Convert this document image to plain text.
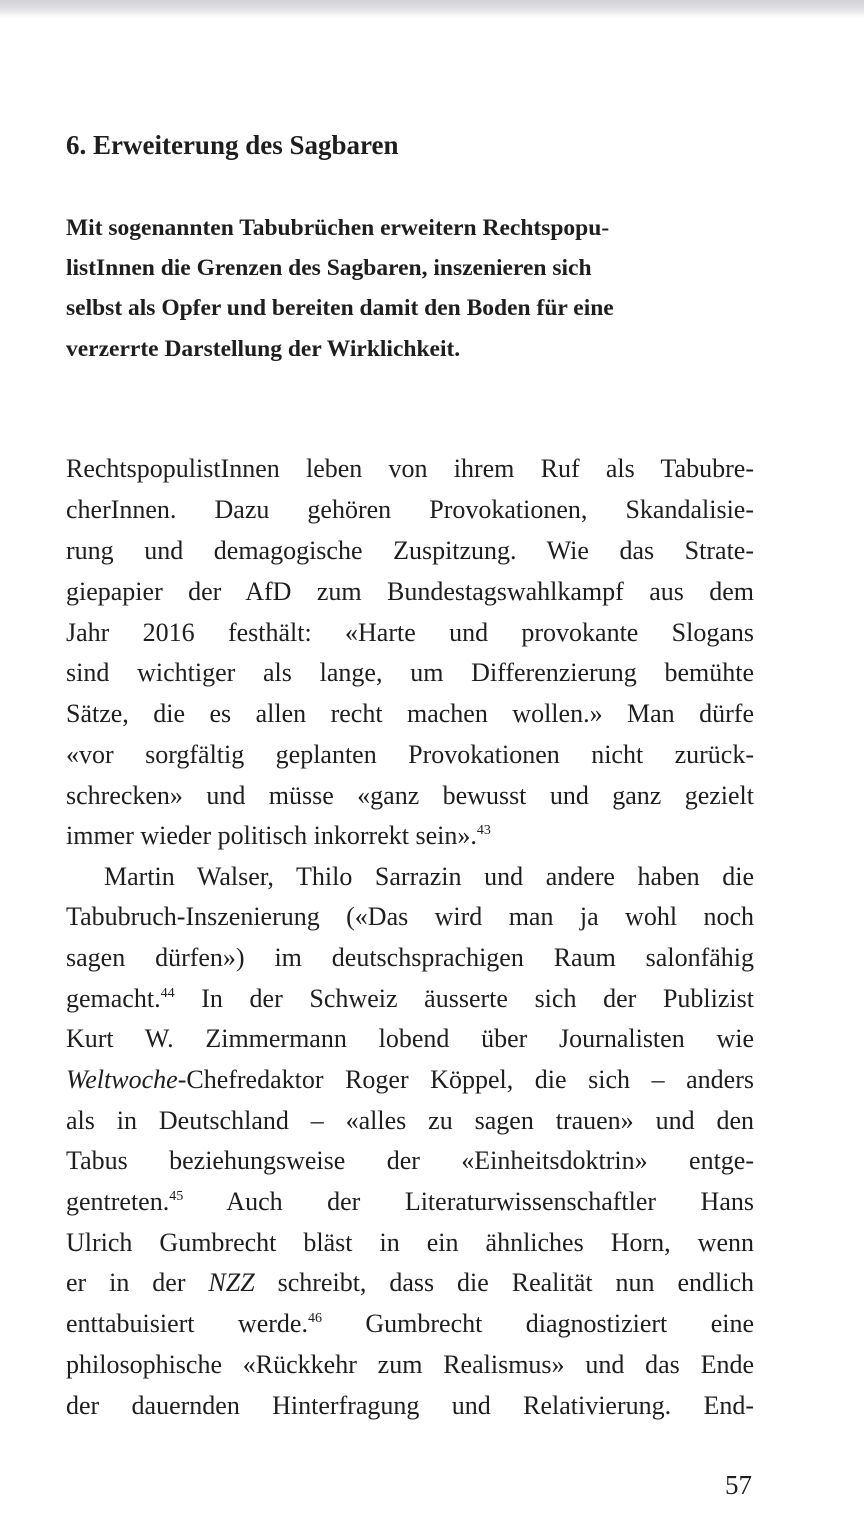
6. Erweiterung des Sagbaren

Mit sogenannten Tabubrüchen erweitern Rechtspopu-

listInnen die Grenzen des Sagbaren, inszenieren sich

selbst als Opfer und bereiten damit den Boden für eine

verzerrte Darstellung der Wirklichkeit.

RechtspopulistInnen leben von ihrem Ruf als Tabubre-

cherInnen. Dazu gehören Provokationen, Skandalisie-

rung und demagogische Zuspitzung. Wie das Strate-

giepapier der AfD zum Bundestagswahlkampf aus dem

Jahr 2016 festhält: «Harte und provokante Slogans

sind wichtiger als lange, um Differenzierung bemühte

Sätze, die es allen recht machen wollen.» Man dürfe

«vor sorgfältig geplanten Provokationen nicht zurück-

schrecken» und müsse «ganz bewusst und ganz gezielt

immer wieder politisch inkorrekt sein».$^{43}$

Martin Walser, Thilo Sarrazin und andere haben die

Tabubruch-Inszenierung («Das wird man ja wohl noch

sagen dürfen») im deutschsprachigen Raum salonfähig

gemacht.$^{44}$ In der Schweiz äusserte sich der Publizist

Kurt W. Zimmermann lobend über Journalisten wie

Weltwoche-Chefredaktor Roger Köppel, die sich – anders

als in Deutschland – «alles zu sagen trauen» und den

Tabus beziehungsweise der «Einheitsdoktrin» entge-

gentreten.$^{45}$ Auch der Literaturwissenschaftler Hans

Ulrich Gumbrecht bläst in ein ähnliches Horn, wenn

er in der NZZ schreibt, dass die Realität nun endlich

enttabuisiert werde.$^{46}$ Gumbrecht diagnostiziert eine

philosophische «Rückkehr zum Realismus» und das Ende

der dauernden Hinterfragung und Relativierung. End-

57
